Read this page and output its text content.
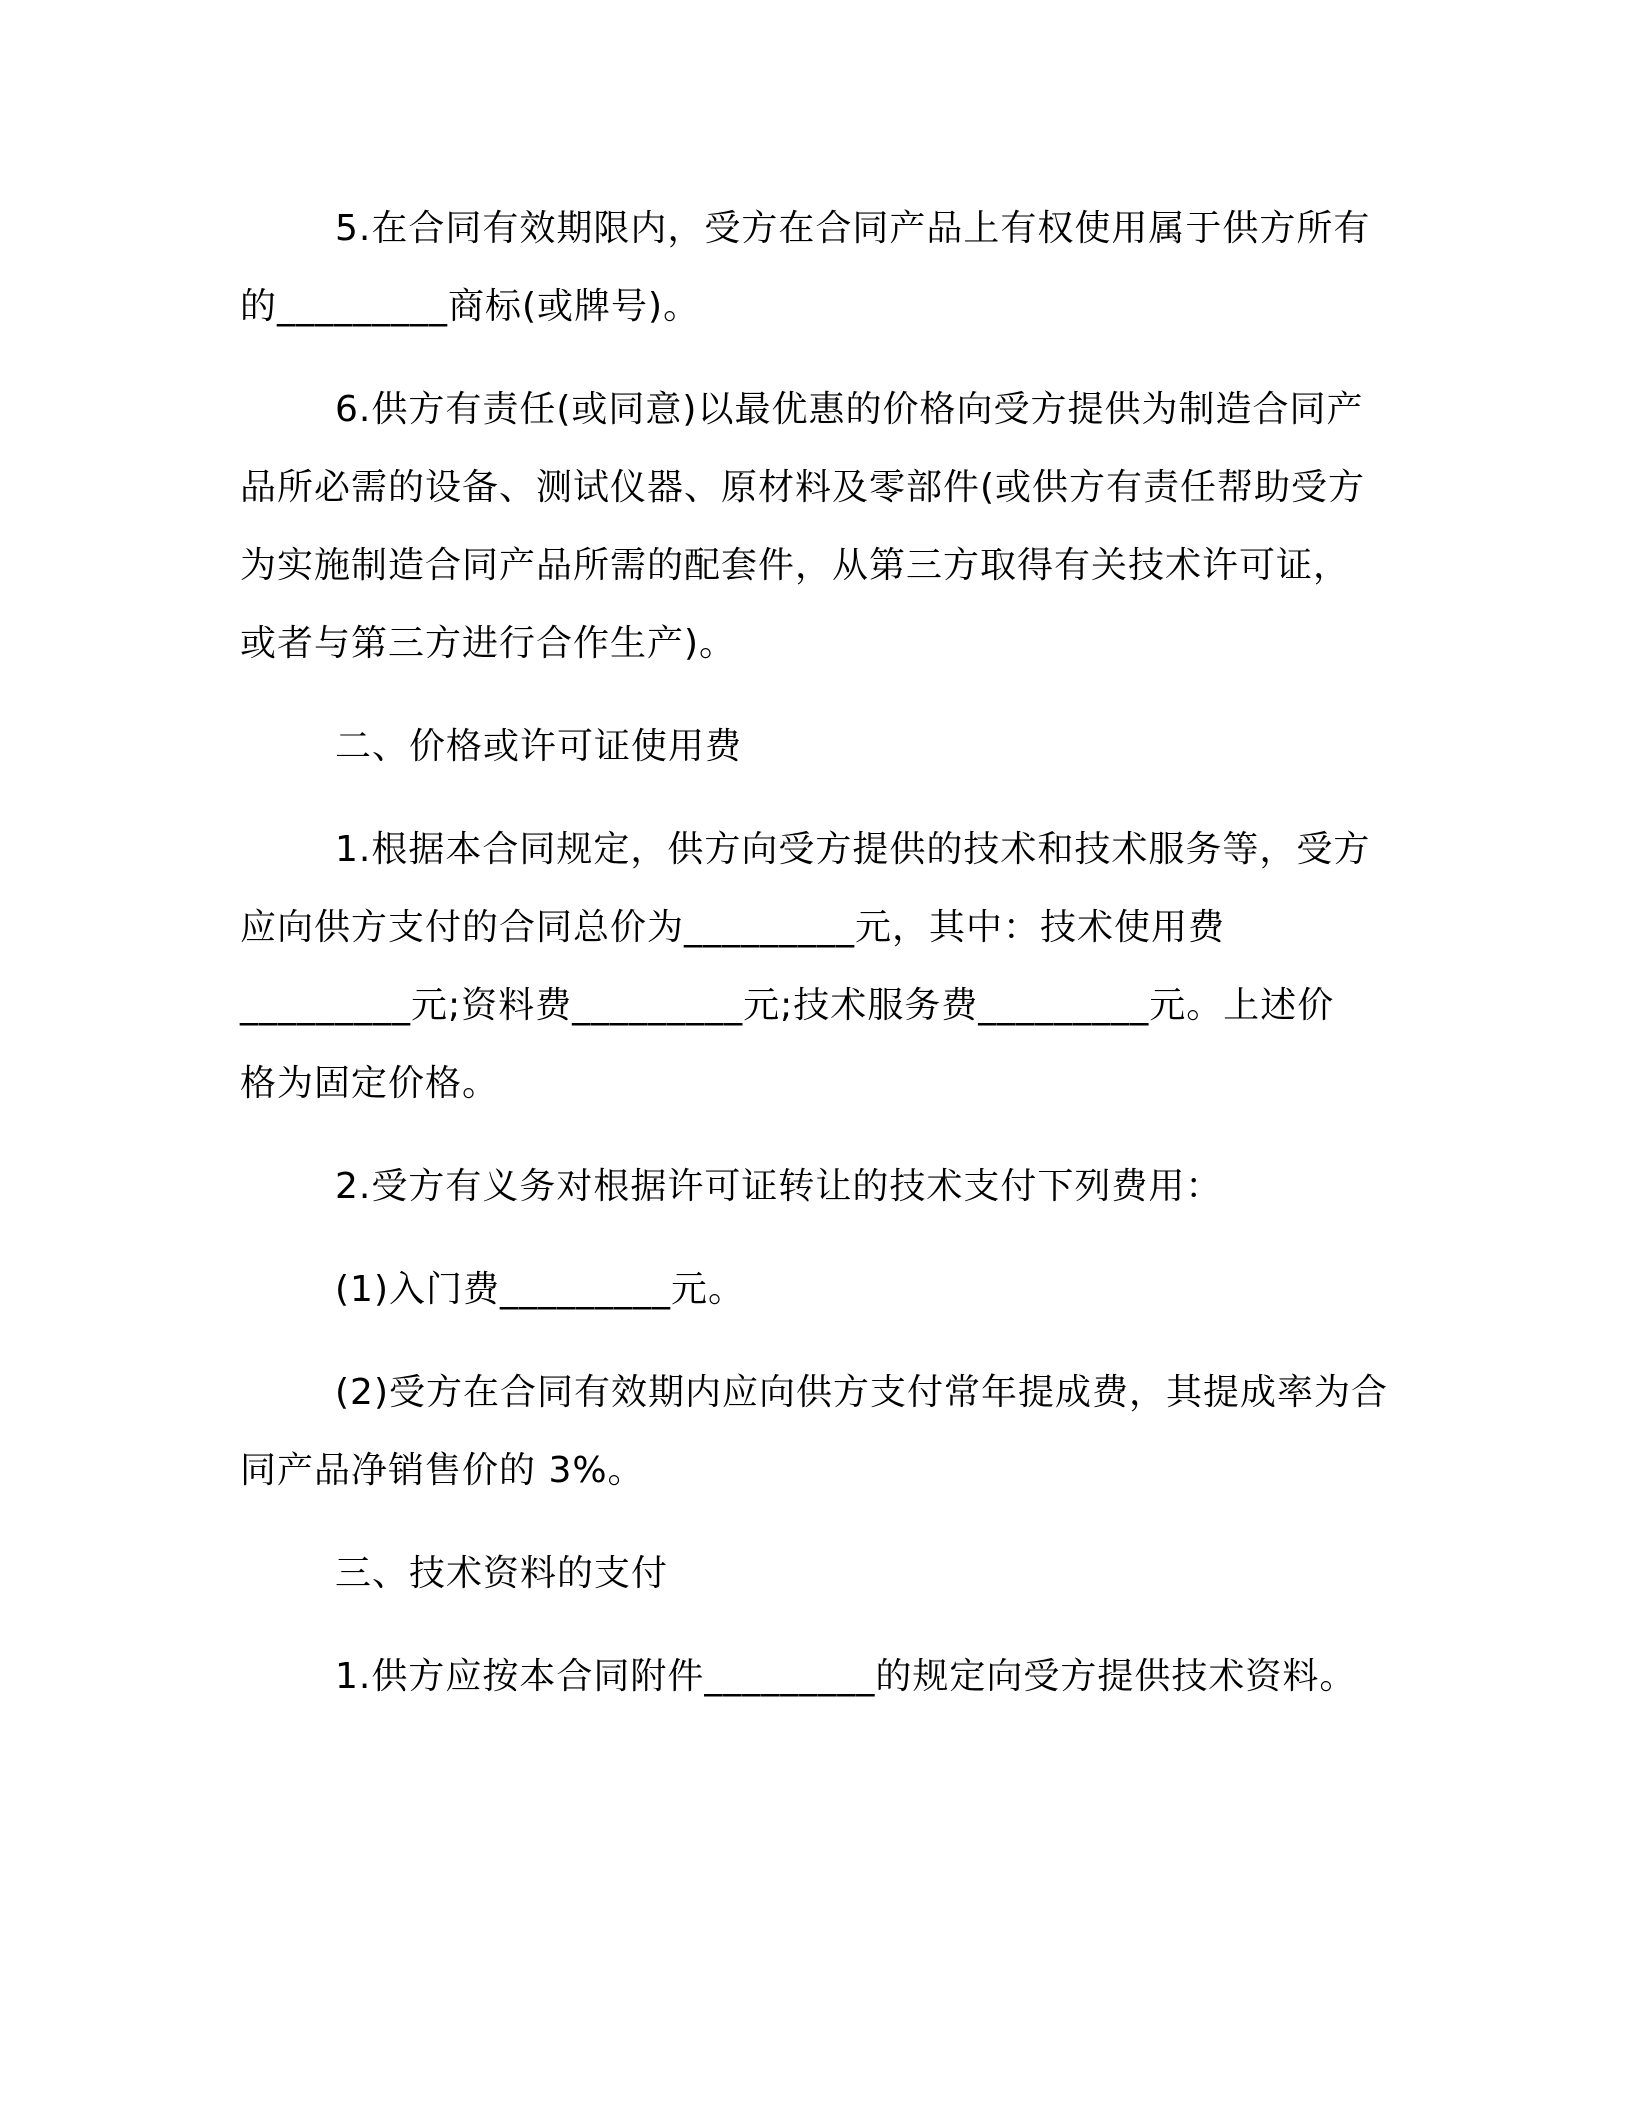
5.在合同有效期限内，受方在合同产品上有权使用属于供方所有
的_________商标(或牌号)。
6.供方有责任(或同意)以最优惠的价格向受方提供为制造合同产
品所必需的设备、测试仪器、原材料及零部件(或供方有责任帮助受方
为实施制造合同产品所需的配套件，从第三方取得有关技术许可证，
或者与第三方进行合作生产)。
二、价格或许可证使用费
1.根据本合同规定，供方向受方提供的技术和技术服务等，受方
应向供方支付的合同总价为_________元，其中：技术使用费
_________元;资料费_________元;技术服务费_________元。上述价
格为固定价格。
2.受方有义务对根据许可证转让的技术支付下列费用：
(1)入门费_________元。
(2)受方在合同有效期内应向供方支付常年提成费，其提成率为合
同产品净销售价的 3%。
三、技术资料的支付
1.供方应按本合同附件_________的规定向受方提供技术资料。
